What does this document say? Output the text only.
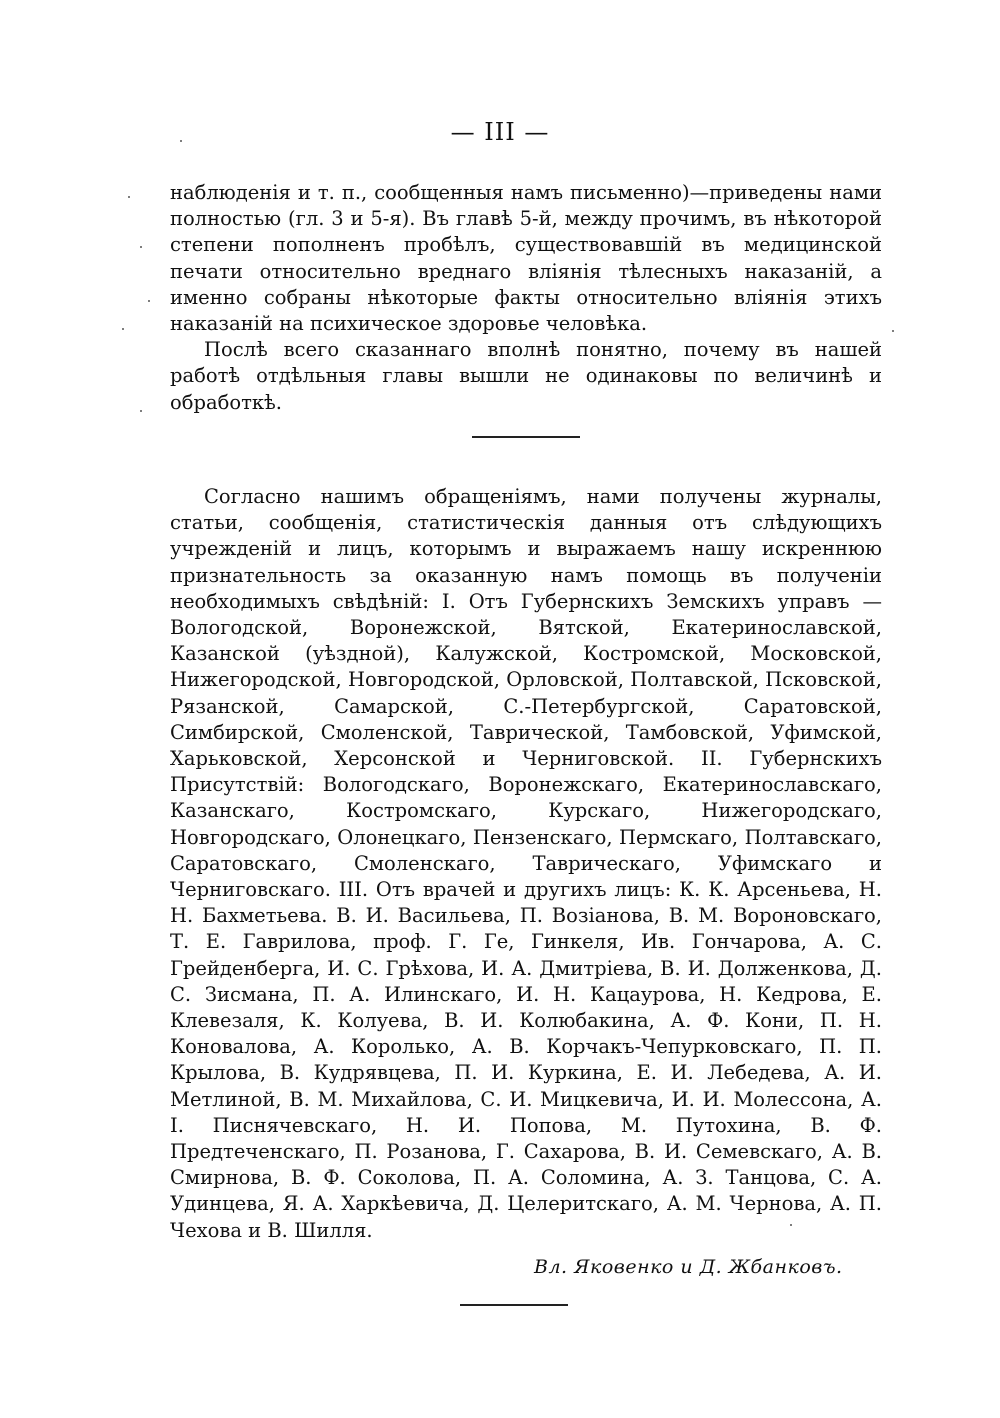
— III —

наблюденія и т. п., сообщенныя намъ письменно)—приведены нами полностью (гл. 3 и 5-я). Въ главѣ 5-й, между прочимъ, въ нѣкоторой степени пополненъ пробѣлъ, существовавшій въ медицинской печати относительно вреднаго вліянія тѣлесныхъ наказаній, а именно собраны нѣкоторые факты относительно вліянія этихъ наказаній на психическое здоровье человѣка.

Послѣ всего сказаннаго вполнѣ понятно, почему въ нашей работѣ отдѣльныя главы вышли не одинаковы по величинѣ и обработкѣ.

Согласно нашимъ обращеніямъ, нами получены журналы, статьи, сообщенія, статистическія данныя отъ слѣдующихъ учрежденій и лицъ, которымъ и выражаемъ нашу искреннюю признательность за оказанную намъ помощь въ полученіи необходимыхъ свѣдѣній: I. Отъ Губернскихъ Земскихъ управъ — Вологодской, Воронежской, Вятской, Екатеринославской, Казанской (уѣздной), Калужской, Костромской, Московской, Нижегородской, Новгородской, Орловской, Полтавской, Псковской, Рязанской, Самарской, С.-Петербургской, Саратовской, Симбирской, Смоленской, Таврической, Тамбовской, Уфимской, Харьковской, Херсонской и Черниговской. II. Губернскихъ Присутствій: Вологодскаго, Воронежскаго, Екатеринославскаго, Казанскаго, Костромскаго, Курскаго, Нижегородскаго, Новгородскаго, Олонецкаго, Пензенскаго, Пермскаго, Полтавскаго, Саратовскаго, Смоленскаго, Таврическаго, Уфимскаго и Черниговскаго. III. Отъ врачей и другихъ лицъ: К. К. Арсеньева, Н. Н. Бахметьева. В. И. Васильева, П. Возіанова, В. М. Вороновскаго, Т. Е. Гаврилова, проф. Г. Ге, Гинкеля, Ив. Гончарова, А. С. Грейденберга, И. С. Грѣхова, И. А. Дмитріева, В. И. Долженкова, Д. С. Зисмана, П. А. Илинскаго, И. Н. Кацаурова, Н. Кедрова, Е. Клевезаля, К. Колуева, В. И. Колюбакина, А. Ф. Кони, П. Н. Коновалова, А. Королько, А. В. Корчакъ-Чепурковскаго, П. П. Крылова, В. Кудрявцева, П. И. Куркина, Е. И. Лебедева, А. И. Метлиной, В. М. Михайлова, С. И. Мицкевича, И. И. Молессона, А. I. Писнячевскаго, Н. И. Попова, М. Путохина, В. Ф. Предтеченскаго, П. Розанова, Г. Сахарова, В. И. Семевскаго, А. В. Смирнова, В. Ф. Соколова, П. А. Соломина, А. З. Танцова, С. А. Удинцева, Я. А. Харкѣевича, Д. Целеритскаго, А. М. Чернова, А. П. Чехова и В. Шилля.

Вл. Яковенко и Д. Жбанковъ.
